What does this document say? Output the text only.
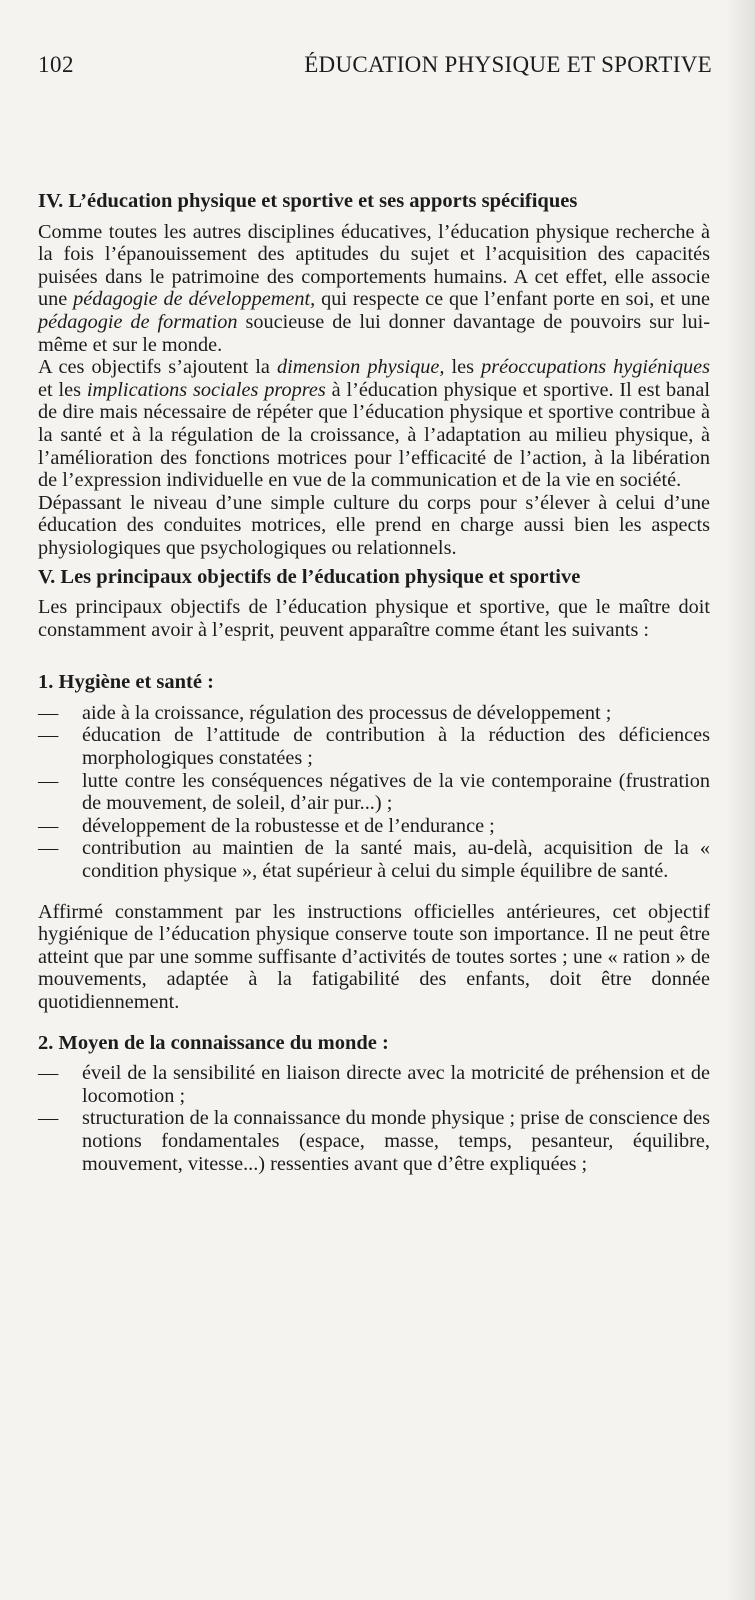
102	ÉDUCATION PHYSIQUE ET SPORTIVE
IV. L’éducation physique et sportive et ses apports spécifiques

Comme toutes les autres disciplines éducatives, l’éducation physique recherche à la fois l’épanouissement des aptitudes du sujet et l’acquisition des capacités puisées dans le patrimoine des comportements humains. A cet effet, elle associe une pédagogie de développement, qui respecte ce que l’enfant porte en soi, et une pédagogie de formation soucieuse de lui donner davantage de pouvoirs sur lui-même et sur le monde.

A ces objectifs s’ajoutent la dimension physique, les préoccupations hygiéniques et les implications sociales propres à l’éducation physique et sportive. Il est banal de dire mais nécessaire de répéter que l’éducation physique et sportive contribue à la santé et à la régulation de la croissance, à l’adaptation au milieu physique, à l’amélioration des fonctions motrices pour l’efficacité de l’action, à la libération de l’expression individuelle en vue de la communication et de la vie en société.

Dépassant le niveau d’une simple culture du corps pour s’élever à celui d’une éducation des conduites motrices, elle prend en charge aussi bien les aspects physiologiques que psychologiques ou relationnels.

V. Les principaux objectifs de l’éducation physique et sportive

Les principaux objectifs de l’éducation physique et sportive, que le maître doit constamment avoir à l’esprit, peuvent apparaître comme étant les suivants :

1. Hygiène et santé :
— aide à la croissance, régulation des processus de développement ;
— éducation de l’attitude de contribution à la réduction des déficiences morphologiques constatées ;
— lutte contre les conséquences négatives de la vie contemporaine (frustration de mouvement, de soleil, d’air pur...) ;
— développement de la robustesse et de l’endurance ;
— contribution au maintien de la santé mais, au-delà, acquisition de la « condition physique », état supérieur à celui du simple équilibre de santé.

Affirmé constamment par les instructions officielles antérieures, cet objectif hygiénique de l’éducation physique conserve toute son importance. Il ne peut être atteint que par une somme suffisante d’activités de toutes sortes ; une « ration » de mouvements, adaptée à la fatigabilité des enfants, doit être donnée quotidiennement.

2. Moyen de la connaissance du monde :
— éveil de la sensibilité en liaison directe avec la motricité de préhension et de locomotion ;
— structuration de la connaissance du monde physique ; prise de conscience des notions fondamentales (espace, masse, temps, pesanteur, équilibre, mouvement, vitesse...) ressenties avant que d’être expliquées ;
